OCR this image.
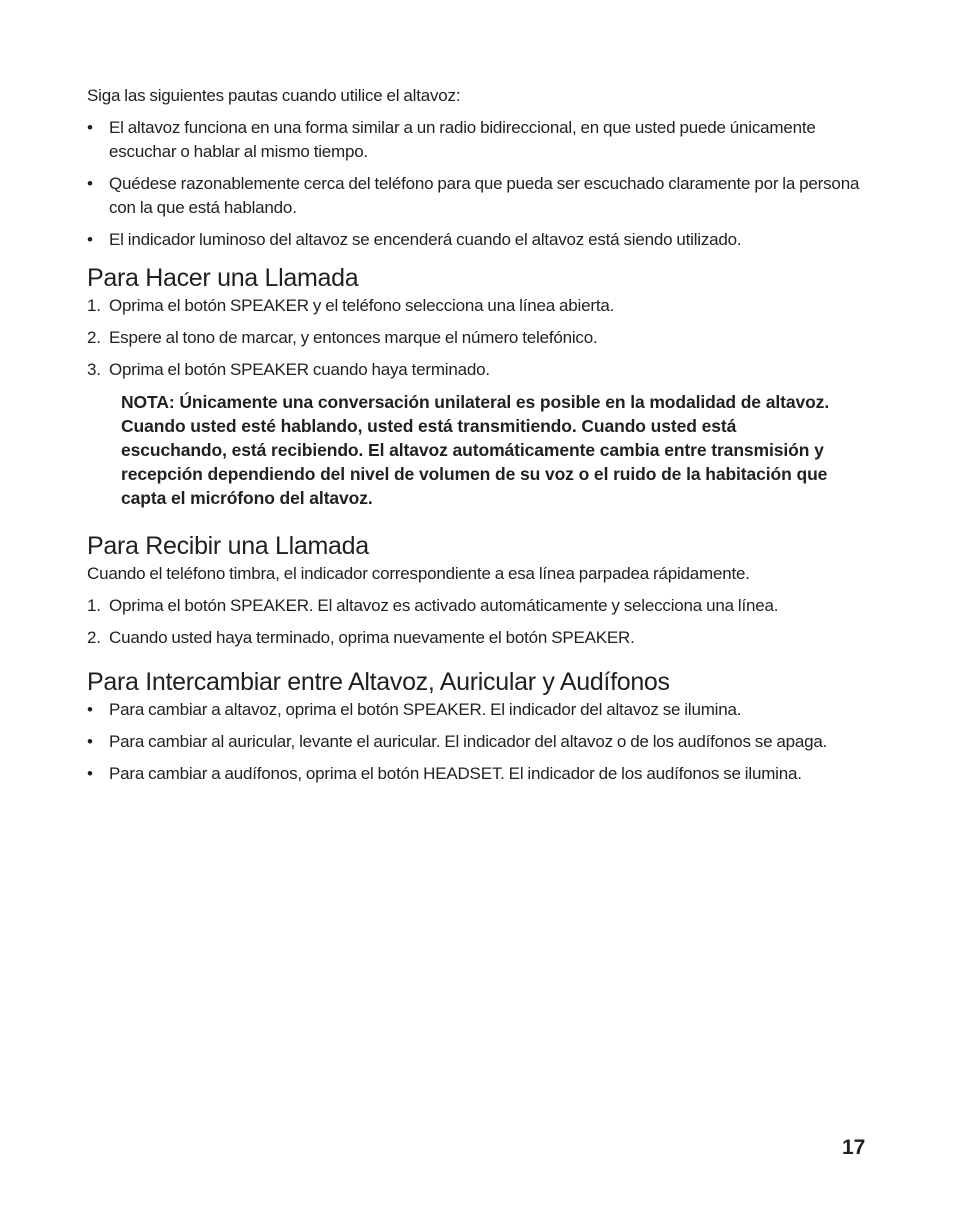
Siga las siguientes pautas cuando utilice el altavoz:

• El altavoz funciona en una forma similar a un radio bidireccional, en que usted puede únicamente escuchar o hablar al mismo tiempo.
• Quédese razonablemente cerca del teléfono para que pueda ser escuchado claramente por la persona con la que está hablando.
• El indicador luminoso del altavoz se encenderá cuando el altavoz está siendo utilizado.
Para Hacer una Llamada
1. Oprima el botón SPEAKER y el teléfono selecciona una línea abierta.
2. Espere al tono de marcar, y entonces marque el número telefónico.
3. Oprima el botón SPEAKER cuando haya terminado.

NOTA: Únicamente una conversación unilateral es posible en la modalidad de altavoz. Cuando usted esté hablando, usted está transmitiendo. Cuando usted está escuchando, está recibiendo. El altavoz automáticamente cambia entre transmisión y recepción dependiendo del nivel de volumen de su voz o el ruido de la habitación que capta el micrófono del altavoz.

Para Recibir una Llamada

Cuando el teléfono timbra, el indicador correspondiente a esa línea parpadea rápidamente.

1. Oprima el botón SPEAKER. El altavoz es activado automáticamente y selecciona una línea.
2. Cuando usted haya terminado, oprima nuevamente el botón SPEAKER.
Para Intercambiar entre Altavoz, Auricular y Audífonos
• Para cambiar a altavoz, oprima el botón SPEAKER. El indicador del altavoz se ilumina.
• Para cambiar al auricular, levante el auricular. El indicador del altavoz o de los audífonos se apaga.
• Para cambiar a audífonos, oprima el botón HEADSET. El indicador de los audífonos se ilumina.
17
